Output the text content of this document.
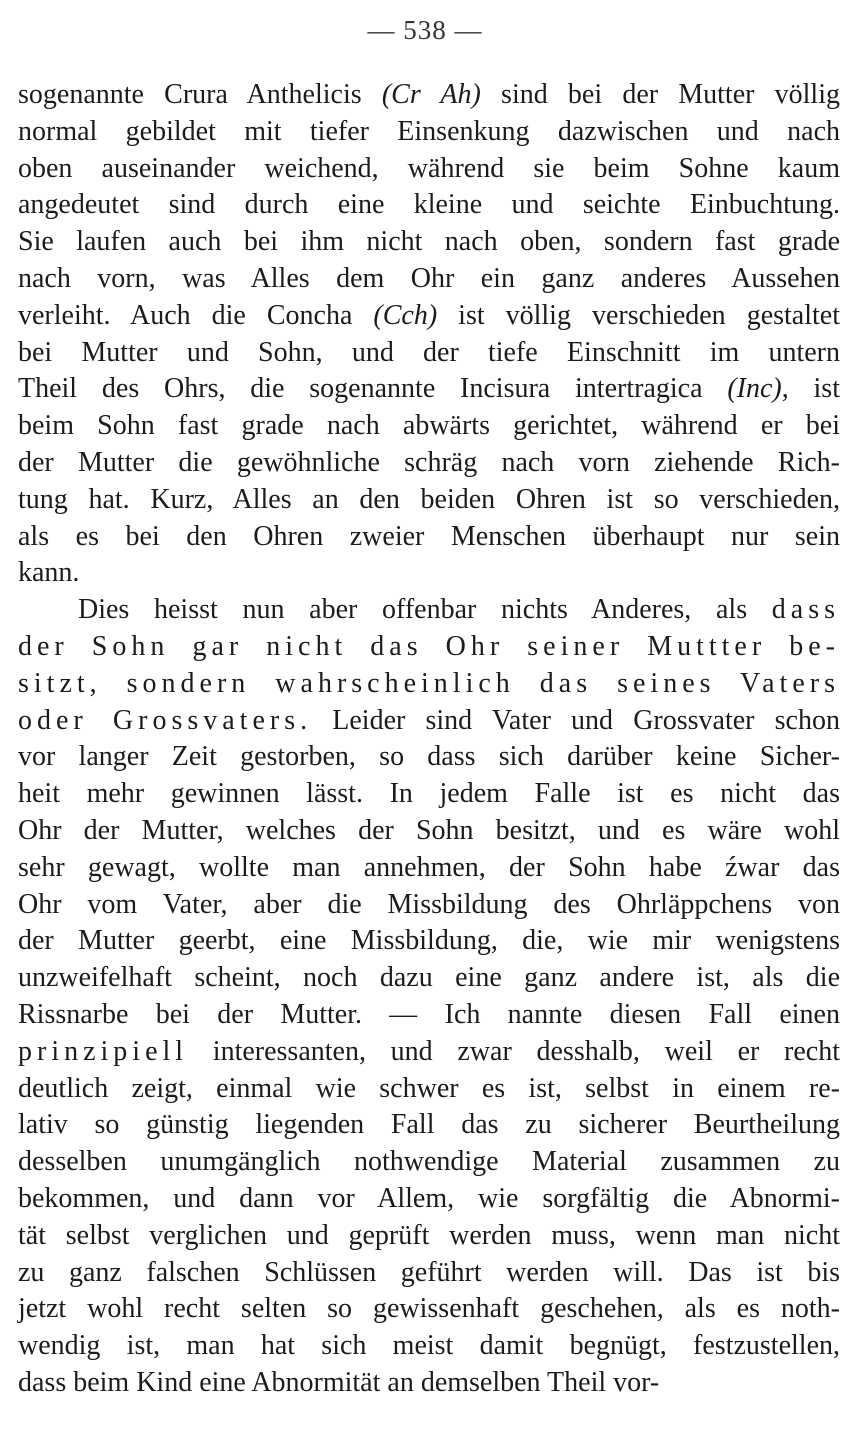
— 538 —
sogenannte Crura Anthelicis (Cr Ah) sind bei der Mutter völlig
normal gebildet mit tiefer Einsenkung dazwischen und nach
oben auseinander weichend, während sie beim Sohne kaum
angedeutet sind durch eine kleine und seichte Einbuchtung.
Sie laufen auch bei ihm nicht nach oben, sondern fast grade
nach vorn, was Alles dem Ohr ein ganz anderes Aussehen
verleiht. Auch die Concha (Cch) ist völlig verschieden gestaltet
bei Mutter und Sohn, und der tiefe Einschnitt im untern
Theil des Ohrs, die sogenannte Incisura intertragica (Inc), ist
beim Sohn fast grade nach abwärts gerichtet, während er bei
der Mutter die gewöhnliche schräg nach vorn ziehende Rich-
tung hat. Kurz, Alles an den beiden Ohren ist so verschieden,
als es bei den Ohren zweier Menschen überhaupt nur sein
kann.
Dies heisst nun aber offenbar nichts Anderes, als dass
der Sohn gar nicht das Ohr seiner Muttter be-
sitzt, sondern wahrscheinlich das seines Vaters
oder Grossvaters. Leider sind Vater und Grossvater schon
vor langer Zeit gestorben, so dass sich darüber keine Sicher-
heit mehr gewinnen lässt. In jedem Falle ist es nicht das
Ohr der Mutter, welches der Sohn besitzt, und es wäre wohl
sehr gewagt, wollte man annehmen, der Sohn habe źwar das
Ohr vom Vater, aber die Missbildung des Ohrläppchens von
der Mutter geerbt, eine Missbildung, die, wie mir wenigstens
unzweifelhaft scheint, noch dazu eine ganz andere ist, als die
Rissnarbe bei der Mutter. — Ich nannte diesen Fall einen
prinzipiell interessanten, und zwar desshalb, weil er recht
deutlich zeigt, einmal wie schwer es ist, selbst in einem re-
lativ so günstig liegenden Fall das zu sicherer Beurtheilung
desselben unumgänglich nothwendige Material zusammen zu
bekommen, und dann vor Allem, wie sorgfältig die Abnormi-
tät selbst verglichen und geprüft werden muss, wenn man nicht
zu ganz falschen Schlüssen geführt werden will. Das ist bis
jetzt wohl recht selten so gewissenhaft geschehen, als es noth-
wendig ist, man hat sich meist damit begnügt, festzustellen,
dass beim Kind eine Abnormität an demselben Theil vor-
